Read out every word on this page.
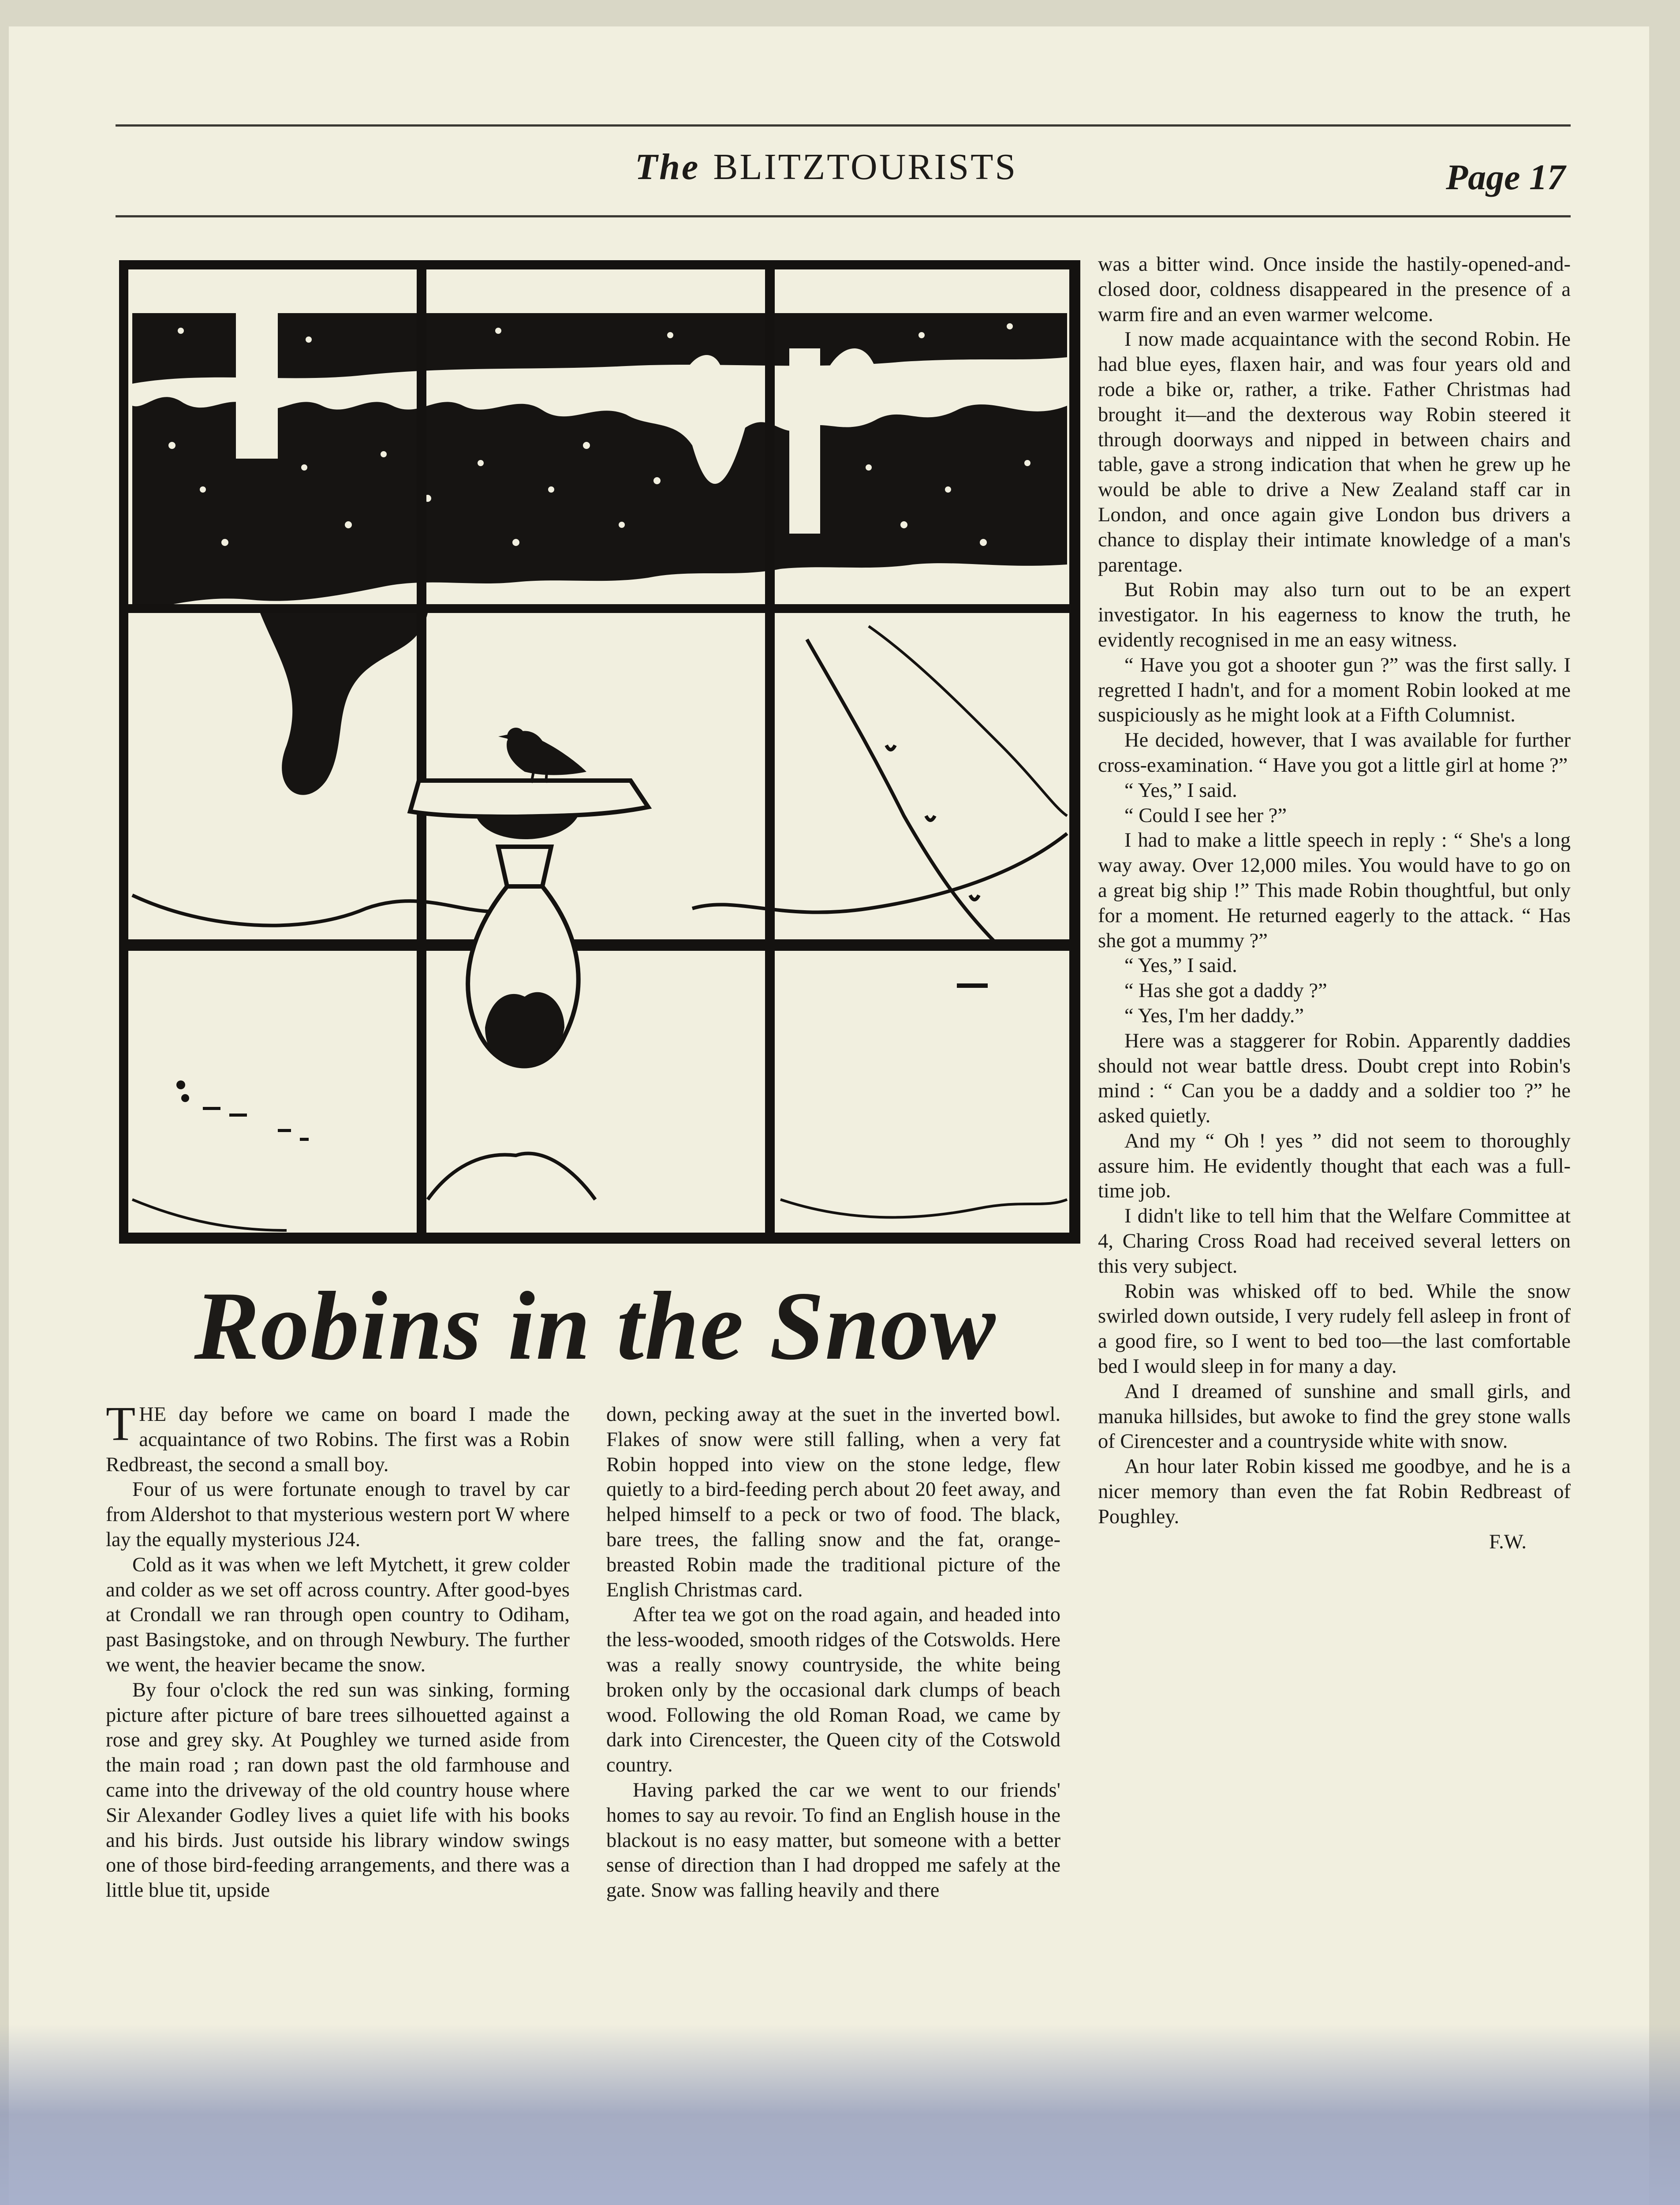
The BLITZTOURISTS	Page 17
Robins in the Snow

THE day before we came on board I made the acquaintance of two Robins. The first was a Robin Redbreast, the second a small boy.

Four of us were fortunate enough to travel by car from Aldershot to that mysterious western port W where lay the equally mysterious J24.

Cold as it was when we left Mytchett, it grew colder and colder as we set off across country. After good-byes at Crondall we ran through open country to Odiham, past Basingstoke, and on through Newbury. The further we went, the heavier became the snow.

By four o'clock the red sun was sinking, forming picture after picture of bare trees silhouetted against a rose and grey sky. At Poughley we turned aside from the main road ; ran down past the old farmhouse and came into the driveway of the old country house where Sir Alexander Godley lives a quiet life with his books and his birds. Just outside his library window swings one of those bird-feeding arrangements, and there was a little blue tit, upside

down, pecking away at the suet in the inverted bowl. Flakes of snow were still falling, when a very fat Robin hopped into view on the stone ledge, flew quietly to a bird-feeding perch about 20 feet away, and helped himself to a peck or two of food. The black, bare trees, the falling snow and the fat, orange-breasted Robin made the traditional picture of the English Christmas card.

After tea we got on the road again, and headed into the less-wooded, smooth ridges of the Cotswolds. Here was a really snowy countryside, the white being broken only by the occasional dark clumps of beach wood. Following the old Roman Road, we came by dark into Cirencester, the Queen city of the Cotswold country.

Having parked the car we went to our friends' homes to say au revoir. To find an English house in the blackout is no easy matter, but someone with a better sense of direction than I had dropped me safely at the gate. Snow was falling heavily and there

was a bitter wind. Once inside the hastily-opened-and-closed door, coldness disappeared in the presence of a warm fire and an even warmer welcome.

I now made acquaintance with the second Robin. He had blue eyes, flaxen hair, and was four years old and rode a bike or, rather, a trike. Father Christmas had brought it—and the dexterous way Robin steered it through doorways and nipped in between chairs and table, gave a strong indication that when he grew up he would be able to drive a New Zealand staff car in London, and once again give London bus drivers a chance to display their intimate knowledge of a man's parentage.

But Robin may also turn out to be an expert investigator. In his eagerness to know the truth, he evidently recognised in me an easy witness.

“ Have you got a shooter gun ?” was the first sally. I regretted I hadn't, and for a moment Robin looked at me suspiciously as he might look at a Fifth Columnist.

He decided, however, that I was available for further cross-examination. “ Have you got a little girl at home ?”

“ Yes,” I said.

“ Could I see her ?”

I had to make a little speech in reply : “ She's a long way away. Over 12,000 miles. You would have to go on a great big ship !” This made Robin thoughtful, but only for a moment. He returned eagerly to the attack. “ Has she got a mummy ?”

“ Yes,” I said.

“ Has she got a daddy ?”

“ Yes, I'm her daddy.”

Here was a staggerer for Robin. Apparently daddies should not wear battle dress. Doubt crept into Robin's mind : “ Can you be a daddy and a soldier too ?” he asked quietly.

And my “ Oh ! yes ” did not seem to thoroughly assure him. He evidently thought that each was a full-time job.

I didn't like to tell him that the Welfare Committee at 4, Charing Cross Road had received several letters on this very subject.

Robin was whisked off to bed. While the snow swirled down outside, I very rudely fell asleep in front of a good fire, so I went to bed too—the last comfortable bed I would sleep in for many a day.

And I dreamed of sunshine and small girls, and manuka hillsides, but awoke to find the grey stone walls of Cirencester and a countryside white with snow.

An hour later Robin kissed me goodbye, and he is a nicer memory than even the fat Robin Redbreast of Poughley.

F.W.
